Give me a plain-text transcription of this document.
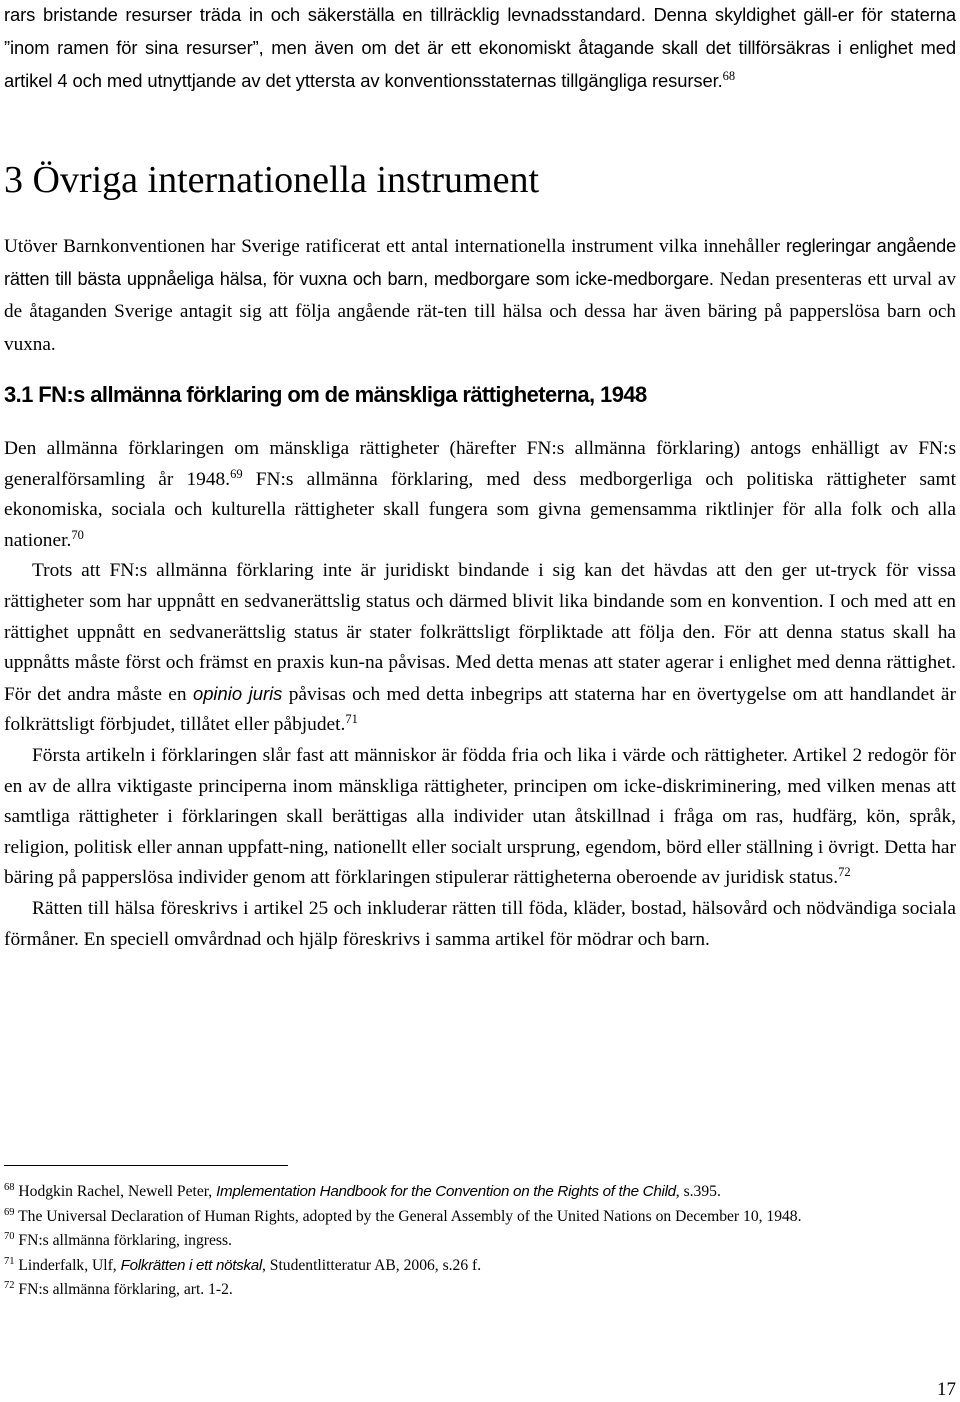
rars bristande resurser träda in och säkerställa en tillräcklig levnadsstandard. Denna skyldighet gäll-er för staterna ”inom ramen för sina resurser”, men även om det är ett ekonomiskt åtagande skall det tillförsäkras i enlighet med artikel 4 och med utnyttjande av det yttersta av konventionsstaternas tillgängliga resurser.$^{68}$

3 Övriga internationella instrument

Utöver Barnkonventionen har Sverige ratificerat ett antal internationella instrument vilka innehåller regleringar angående rätten till bästa uppnåeliga hälsa, för vuxna och barn, medborgare som icke-medborgare. Nedan presenteras ett urval av de åtaganden Sverige antagit sig att följa angående rät-ten till hälsa och dessa har även bäring på papperslösa barn och vuxna.

3.1 FN:s allmänna förklaring om de mänskliga rättigheterna, 1948

Den allmänna förklaringen om mänskliga rättigheter (härefter FN:s allmänna förklaring) antogs enhälligt av FN:s generalförsamling år 1948.69 FN:s allmänna förklaring, med dess medborgerliga och politiska rättigheter samt ekonomiska, sociala och kulturella rättigheter skall fungera som givna gemensamma riktlinjer för alla folk och alla nationer.$^{70}$

Trots att FN:s allmänna förklaring inte är juridiskt bindande i sig kan det hävdas att den ger ut-tryck för vissa rättigheter som har uppnått en sedvanerättslig status och därmed blivit lika bindande som en konvention. I och med att en rättighet uppnått en sedvanerättslig status är stater folkrättsligt förpliktade att följa den. För att denna status skall ha uppnåtts måste först och främst en praxis kun-na påvisas. Med detta menas att stater agerar i enlighet med denna rättighet. För det andra måste en opinio juris påvisas och med detta inbegrips att staterna har en övertygelse om att handlandet är folkrättsligt förbjudet, tillåtet eller påbjudet.$^{71}$

Första artikeln i förklaringen slår fast att människor är födda fria och lika i värde och rättigheter. Artikel 2 redogör för en av de allra viktigaste principerna inom mänskliga rättigheter, principen om icke-diskriminering, med vilken menas att samtliga rättigheter i förklaringen skall berättigas alla individer utan åtskillnad i fråga om ras, hudfärg, kön, språk, religion, politisk eller annan uppfatt-ning, nationellt eller socialt ursprung, egendom, börd eller ställning i övrigt. Detta har bäring på papperslösa individer genom att förklaringen stipulerar rättigheterna oberoende av juridisk status.$^{72}$

Rätten till hälsa föreskrivs i artikel 25 och inkluderar rätten till föda, kläder, bostad, hälsovård och nödvändiga sociala förmåner. En speciell omvårdnad och hjälp föreskrivs i samma artikel för mödrar och barn.

$^{68}$ Hodgkin Rachel, Newell Peter, Implementation Handbook for the Convention on the Rights of the Child, s.395.

$^{69}$ The Universal Declaration of Human Rights, adopted by the General Assembly of the United Nations on December 10, 1948.

$^{70}$ FN:s allmänna förklaring, ingress.

$^{71}$ Linderfalk, Ulf, Folkrätten i ett nötskal, Studentlitteratur AB, 2006, s.26 f.

$^{72}$ FN:s allmänna förklaring, art. 1-2.

17
